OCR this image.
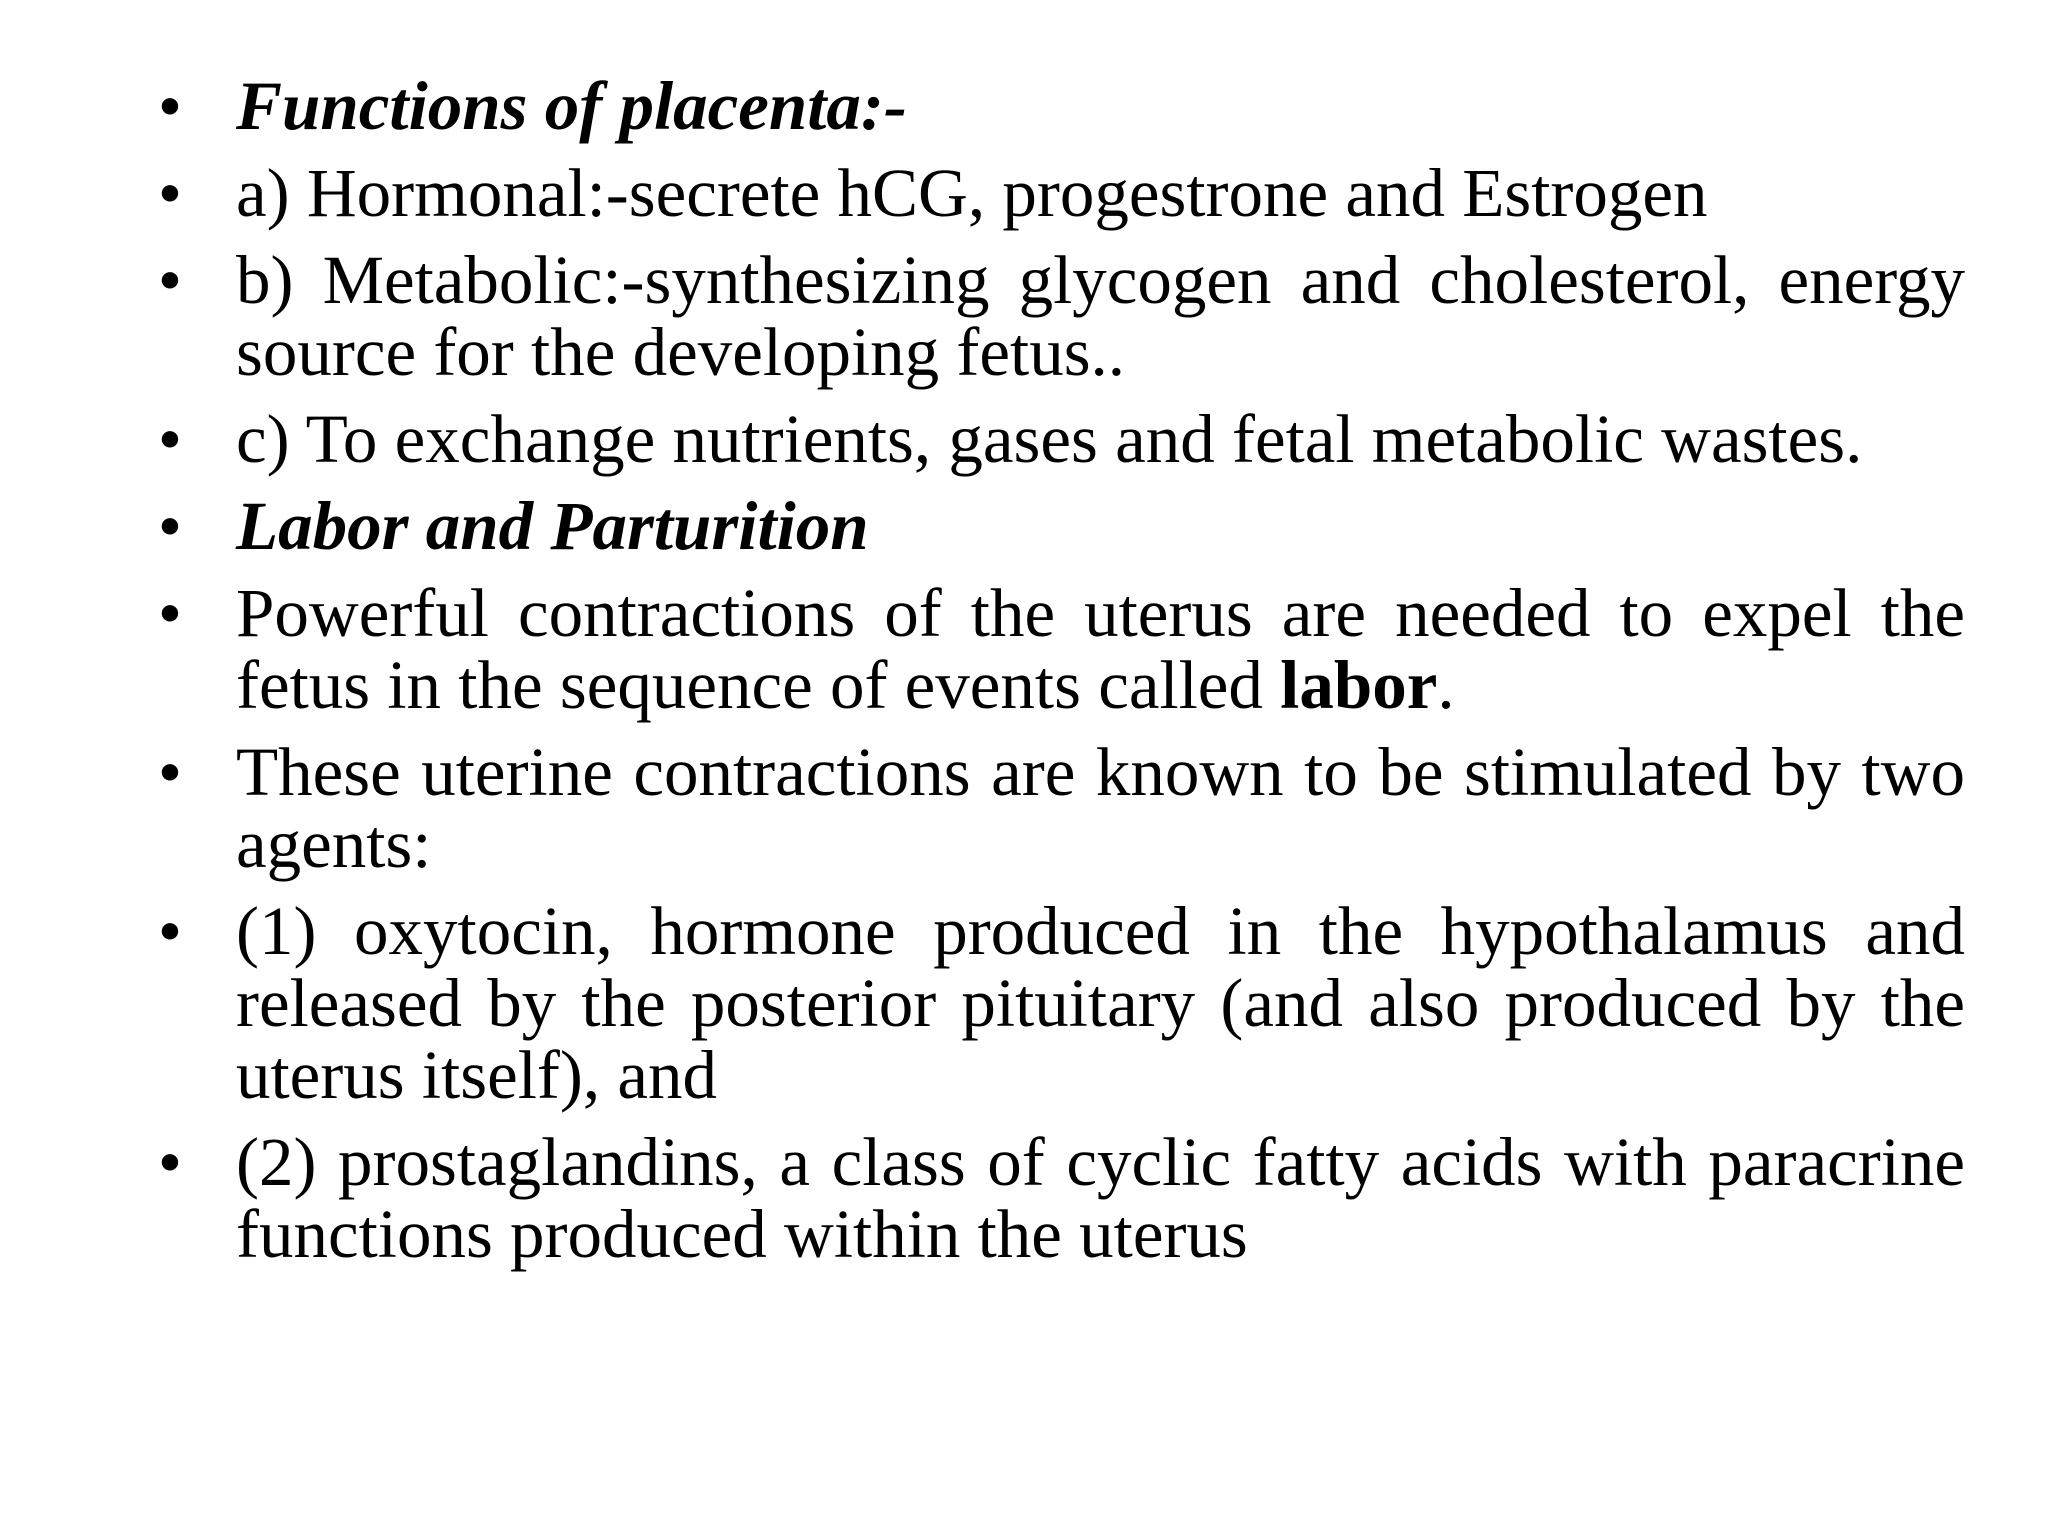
• Functions of placenta:-
• a) Hormonal:-secrete hCG, progestrone and Estrogen
• b) Metabolic:-synthesizing glycogen and cholesterol, energy source for the developing fetus..
• c) To exchange nutrients, gases and fetal metabolic wastes.
• Labor and Parturition
• Powerful contractions of the uterus are needed to expel the fetus in the sequence of events called labor.
• These uterine contractions are known to be stimulated by two agents:
• (1) oxytocin, hormone produced in the hypothalamus and released by the posterior pituitary (and also produced by the uterus itself), and
• (2) prostaglandins, a class of cyclic fatty acids with paracrine functions produced within the uterus
